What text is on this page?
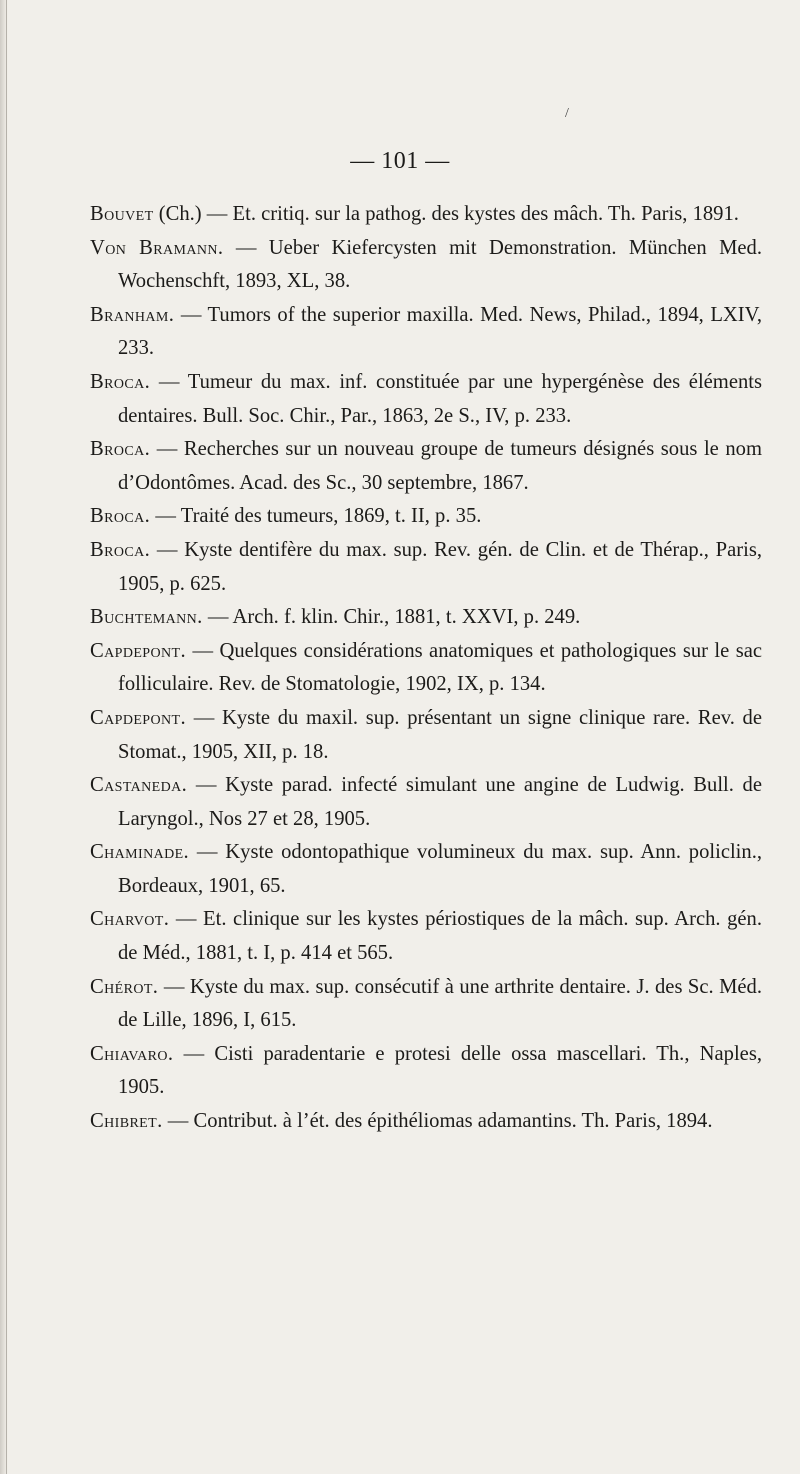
/
— 101 —

Bouvet (Ch.) — Et. critiq. sur la pathog. des kystes des mâch. Th. Paris, 1891.

Von Bramann. — Ueber Kiefercysten mit Demonstration. München Med. Wochenschft, 1893, XL, 38.

Branham. — Tumors of the superior maxilla. Med. News, Philad., 1894, LXIV, 233.

Broca. — Tumeur du max. inf. constituée par une hypergénèse des éléments dentaires. Bull. Soc. Chir., Par., 1863, 2e S., IV, p. 233.

Broca. — Recherches sur un nouveau groupe de tumeurs désignés sous le nom d’Odontômes. Acad. des Sc., 30 septembre, 1867.

Broca. — Traité des tumeurs, 1869, t. II, p. 35.

Broca. — Kyste dentifère du max. sup. Rev. gén. de Clin. et de Thérap., Paris, 1905, p. 625.

Buchtemann. — Arch. f. klin. Chir., 1881, t. XXVI, p. 249.

Capdepont. — Quelques considérations anatomiques et pathologiques sur le sac folliculaire. Rev. de Stomatologie, 1902, IX, p. 134.

Capdepont. — Kyste du maxil. sup. présentant un signe clinique rare. Rev. de Stomat., 1905, XII, p. 18.

Castaneda. — Kyste parad. infecté simulant une angine de Ludwig. Bull. de Laryngol., Nos 27 et 28, 1905.

Chaminade. — Kyste odontopathique volumineux du max. sup. Ann. policlin., Bordeaux, 1901, 65.

Charvot. — Et. clinique sur les kystes périostiques de la mâch. sup. Arch. gén. de Méd., 1881, t. I, p. 414 et 565.

Chérot. — Kyste du max. sup. consécutif à une arthrite dentaire. J. des Sc. Méd. de Lille, 1896, I, 615.

Chiavaro. — Cisti paradentarie e protesi delle ossa mascellari. Th., Naples, 1905.

Chibret. — Contribut. à l’ét. des épithéliomas adamantins. Th. Paris, 1894.
